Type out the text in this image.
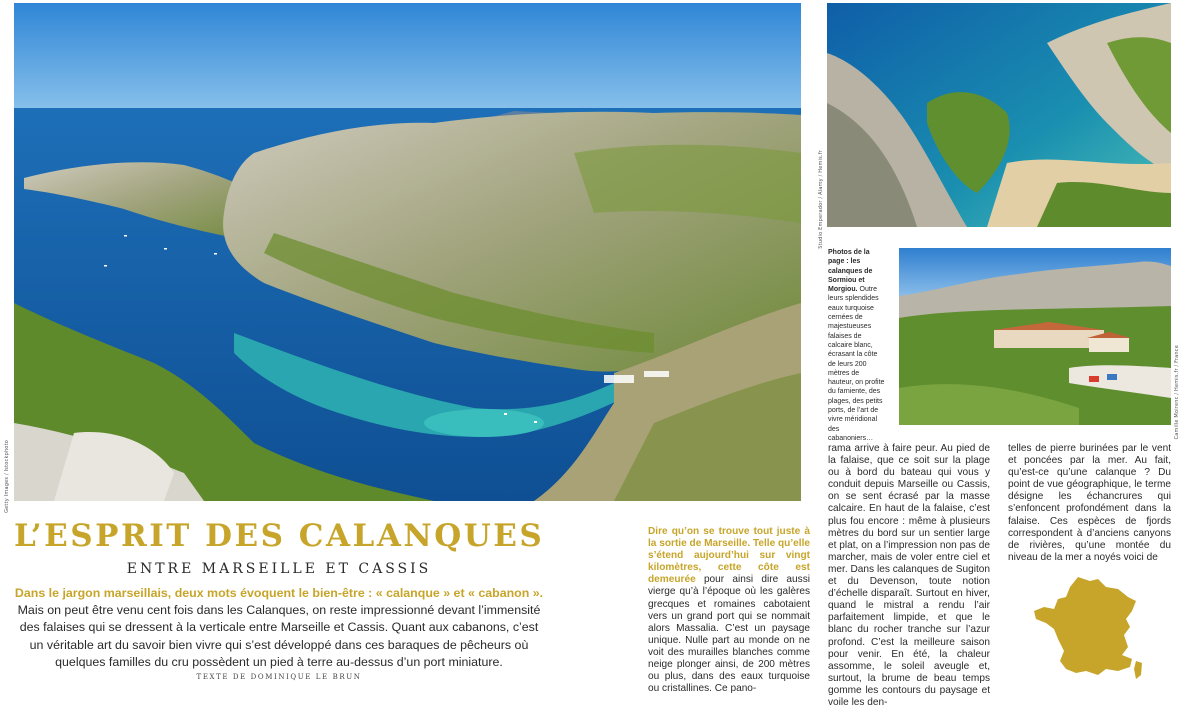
Getty Images / Istockphoto
Studio Emperador / Alamy / Hemis.fr
Camille Moirenc / Hemis.fr / France
Photos de la page : les calanques de Sormiou et Morgiou. Outre leurs splendides eaux turquoise cernées de majestueuses falaises de calcaire blanc, écrasant la côte de leurs 200 mètres de hauteur, on profite du farniente, des plages, des petits ports, de l’art de vivre méridional des cabanoniers…
L’ESPRIT DES CALANQUES
ENTRE MARSEILLE ET CASSIS
Dans le jargon marseillais, deux mots évoquent le bien-être : « calanque » et « cabanon ». Mais on peut être venu cent fois dans les Calanques, on reste impressionné devant l’immensité des falaises qui se dressent à la verticale entre Marseille et Cassis. Quant aux cabanons, c’est un véritable art du savoir bien vivre qui s’est développé dans ces baraques de pêcheurs où quelques familles du cru possèdent un pied à terre au-dessus d’un port miniature.
TEXTE DE DOMINIQUE LE BRUN
Dire qu’on se trouve tout juste à la sortie de Marseille. Telle qu’elle s’étend aujourd’hui sur vingt kilomètres, cette côte est demeurée pour ainsi dire aussi vierge qu’à l’époque où les galères grecques et romaines cabotaient vers un grand port qui se nommait alors Massalia. C’est un paysage unique. Nulle part au monde on ne voit des murailles blanches comme neige plonger ainsi, de 200 mètres ou plus, dans des eaux turquoise ou cristallines. Ce pano-
rama arrive à faire peur. Au pied de la falaise, que ce soit sur la plage ou à bord du bateau qui vous y conduit depuis Marseille ou Cassis, on se sent écrasé par la masse calcaire. En haut de la falaise, c’est plus fou encore : même à plusieurs mètres du bord sur un sentier large et plat, on a l’impression non pas de marcher, mais de voler entre ciel et mer. Dans les calanques de Sugiton et du Devenson, toute notion d’échelle disparaît. Surtout en hiver, quand le mistral a rendu l’air parfaitement limpide, et que le blanc du rocher tranche sur l’azur profond. C’est la meilleure saison pour venir. En été, la chaleur assomme, le soleil aveugle et, surtout, la brume de beau temps gomme les contours du paysage et voile les den-
telles de pierre burinées par le vent et poncées par la mer. Au fait, qu’est-ce qu’une calanque ? Du point de vue géographique, le terme désigne les échancrures qui s’enfoncent profondément dans la falaise. Ces espèces de fjords correspondent à d’anciens canyons de rivières, qu’une montée du niveau de la mer a noyés voici de
